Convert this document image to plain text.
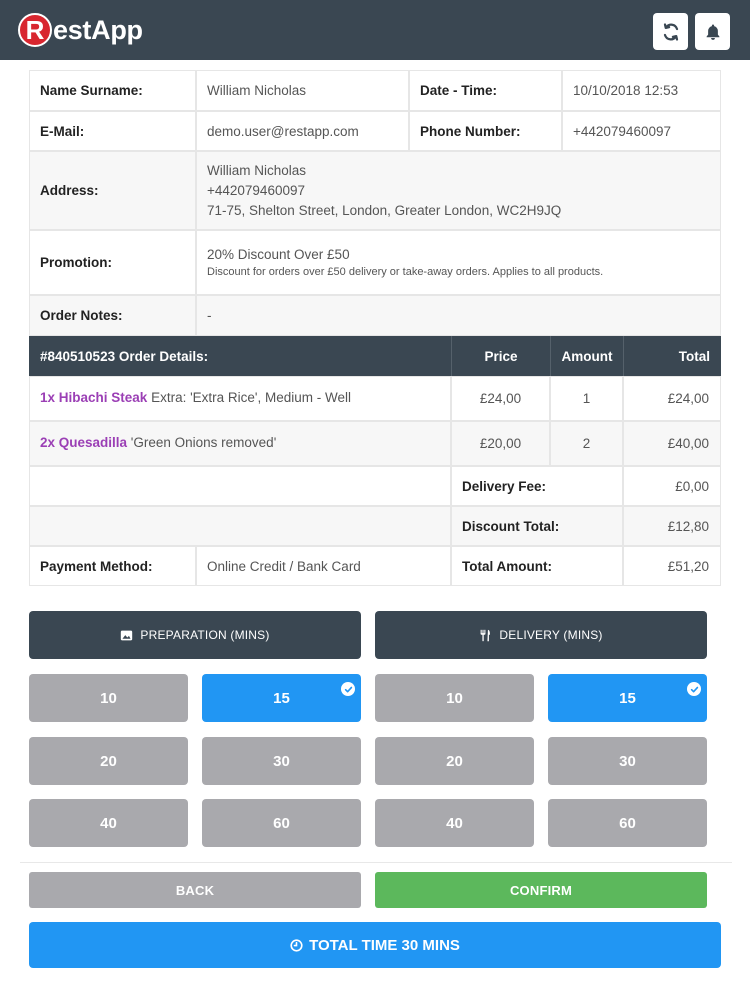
R estApp
Name Surname:	William Nicholas	Date - Time:	10/10/2018 12:53
E-Mail:	demo.user@restapp.com	Phone Number:	+442079460097
Address:
William Nicholas
+442079460097
71-75, Shelton Street, London, Greater London, WC2H9JQ
Promotion:
20% Discount Over £50
Discount for orders over £50 delivery or take-away orders. Applies to all products.
Order Notes:	-
#840510523 Order Details:	Price	Amount	Total
1x Hibachi Steak Extra: 'Extra Rice', Medium - Well	£24,00	1	£24,00
2x Quesadilla 'Green Onions removed'	£20,00	2	£40,00
Delivery Fee:	£0,00
Discount Total:	£12,80
Payment Method:	Online Credit / Bank Card	Total Amount:	£51,20
PREPARATION (MINS)	DELIVERY (MINS)
10	15
20	30
40	60
10	15
20	30
40	60
BACK	CONFIRM
TOTAL TIME 30 MINS
